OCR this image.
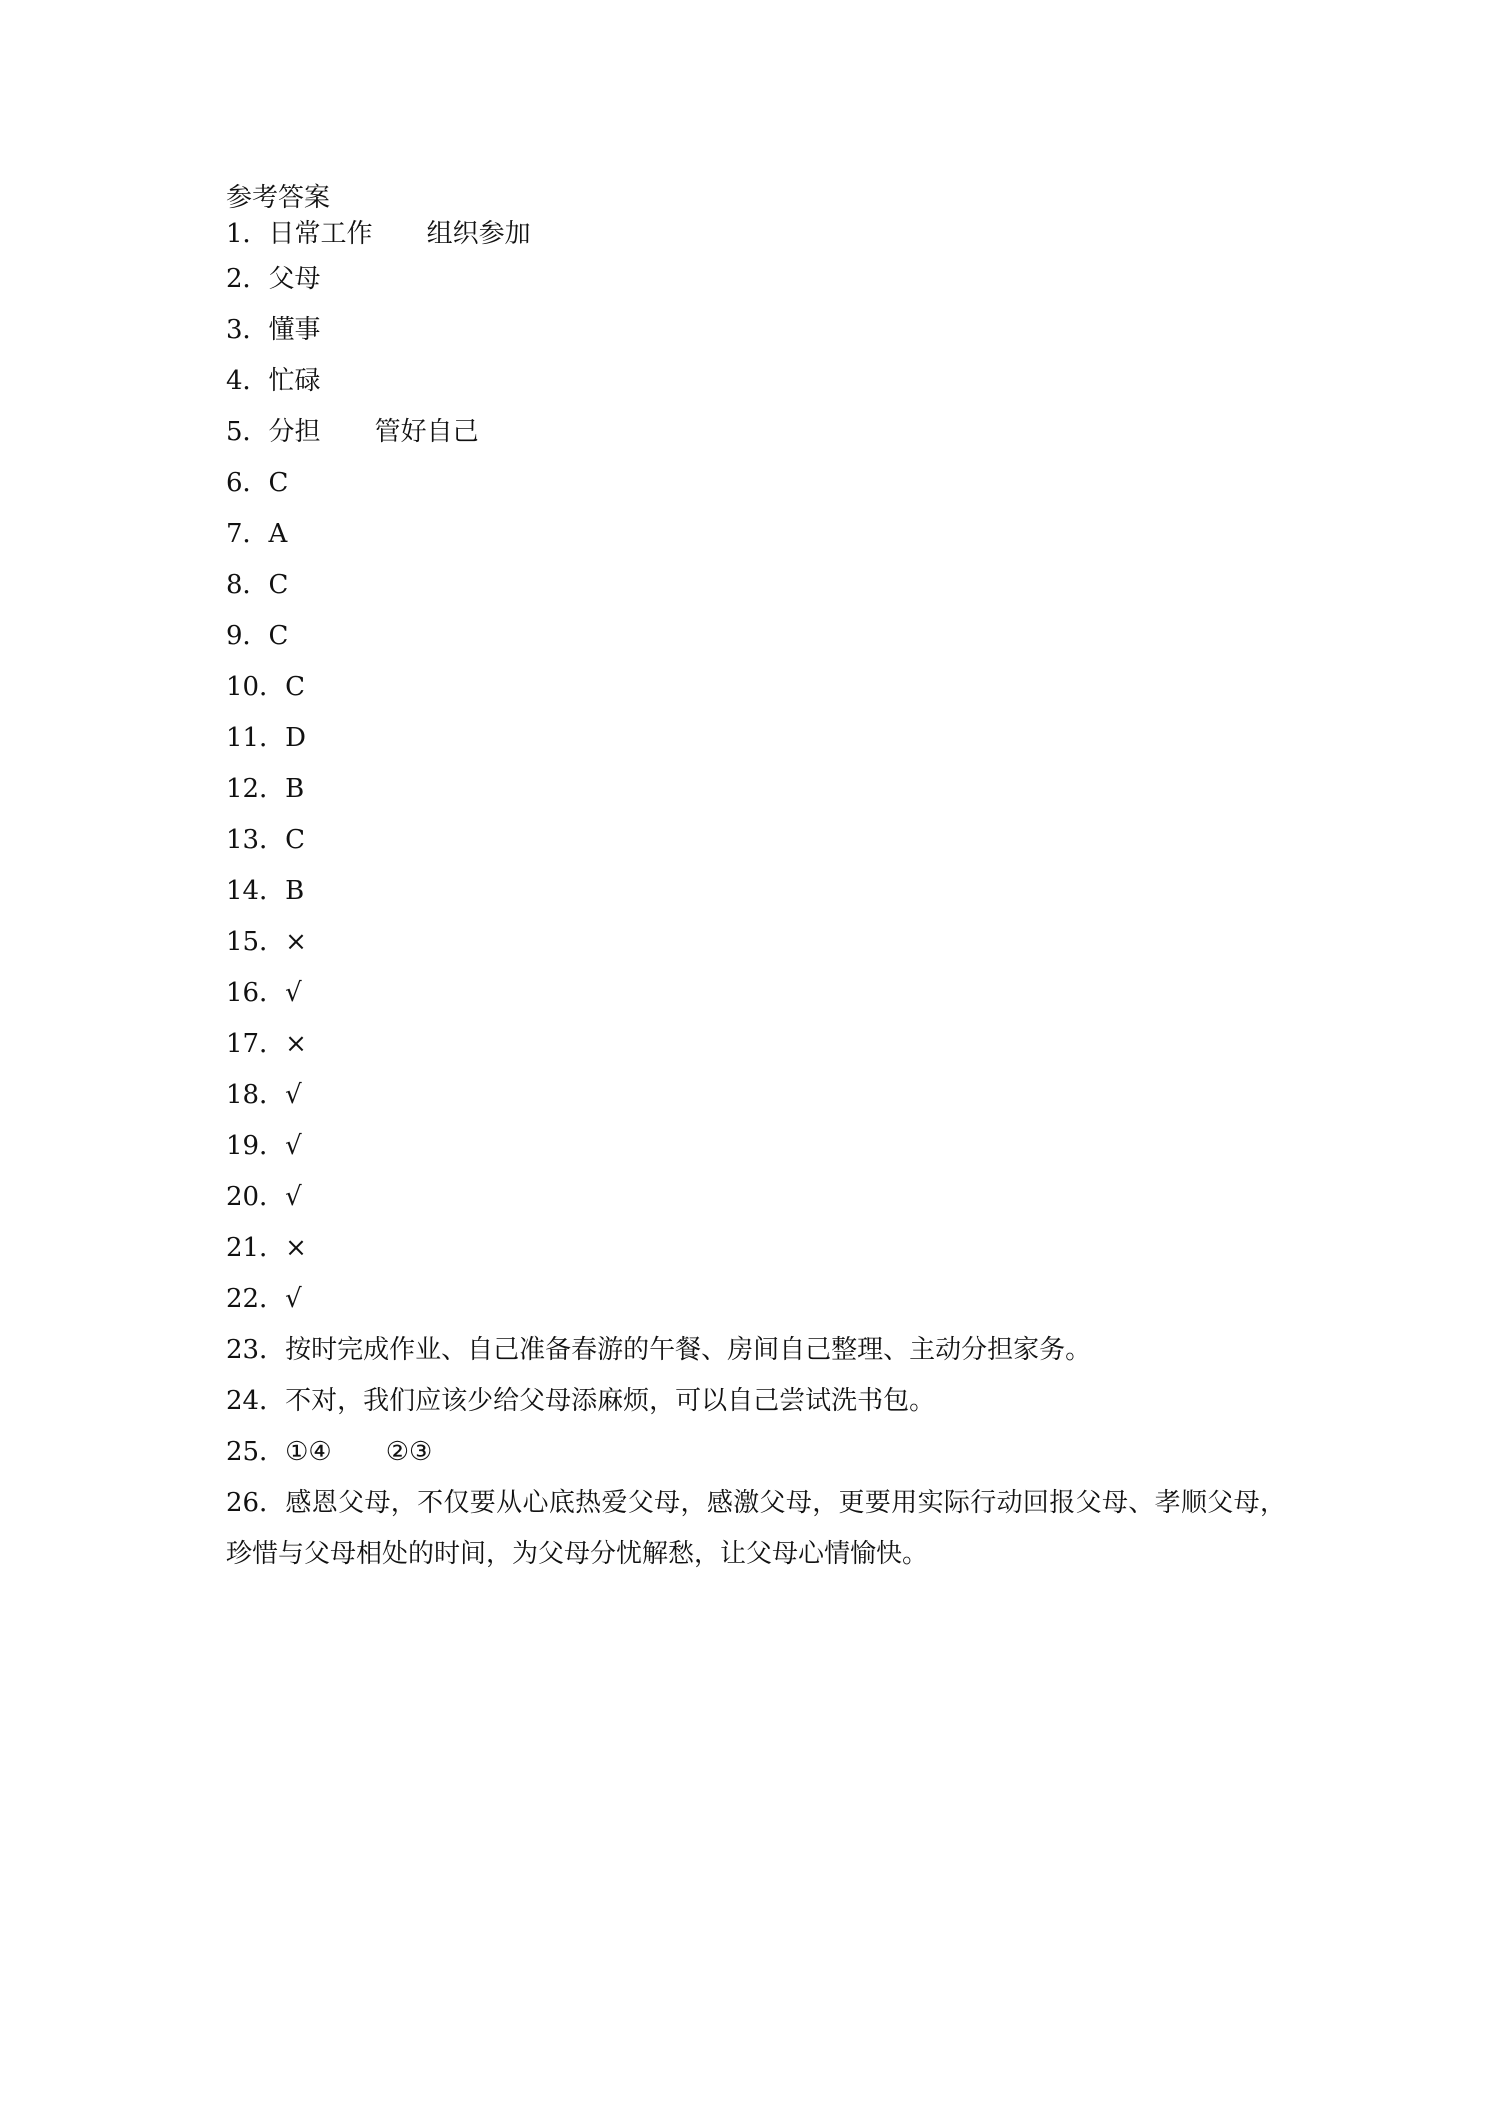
参考答案
1．日常工作 组织参加
2．父母
3．懂事
4．忙碌
5．分担 管好自己
6．C
7．A
8．C
9．C
10．C
11．D
12．B
13．C
14．B
15．×
16．√
17．×
18．√
19．√
20．√
21．×
22．√
23．按时完成作业、自己准备春游的午餐、房间自己整理、主动分担家务。
24．不对，我们应该少给父母添麻烦，可以自己尝试洗书包。
25．①④ ②③

26．感恩父母，不仅要从心底热爱父母，感激父母，更要用实际行动回报父母、孝顺父母，珍惜与父母相处的时间，为父母分忧解愁，让父母心情愉快。
